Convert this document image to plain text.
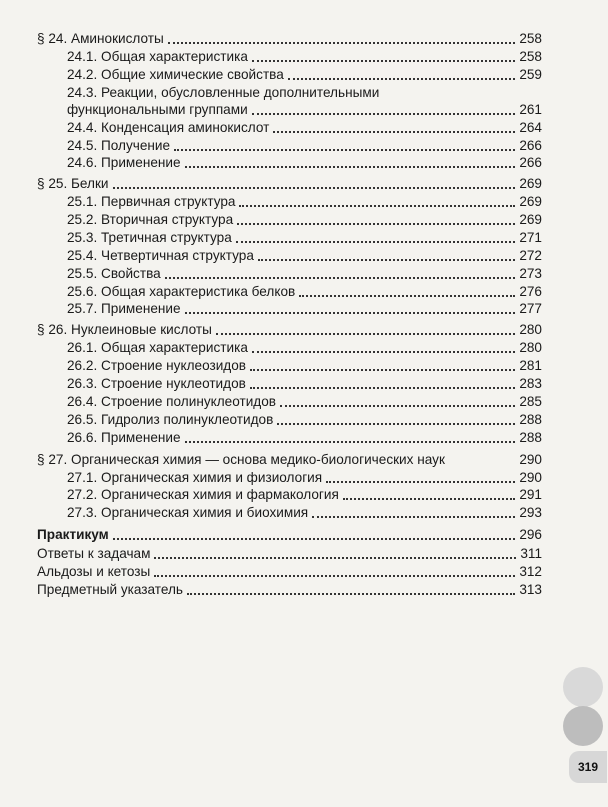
§ 24. Аминокислоты	258
24.1. Общая характеристика	258
24.2. Общие химические свойства	259
24.3. Реакции, обусловленные дополнительными
функциональными группами	261
24.4. Конденсация аминокислот	264
24.5. Получение	266
24.6. Применение	266
§ 25. Белки	269
25.1. Первичная структура	269
25.2. Вторичная структура	269
25.3. Третичная структура	271
25.4. Четвертичная структура	272
25.5. Свойства	273
25.6. Общая характеристика белков	276
25.7. Применение	277
§ 26. Нуклеиновые кислоты	280
26.1. Общая характеристика	280
26.2. Строение нуклеозидов	281
26.3. Строение нуклеотидов	283
26.4. Строение полинуклеотидов	285
26.5. Гидролиз полинуклеотидов	288
26.6. Применение	288
§ 27. Органическая химия — основа медико-биологических наук	290
27.1. Органическая химия и физиология	290
27.2. Органическая химия и фармакология	291
27.3. Органическая химия и биохимия	293
Практикум	296
Ответы к задачам	311
Альдозы и кетозы	312
Предметный указатель	313
319
